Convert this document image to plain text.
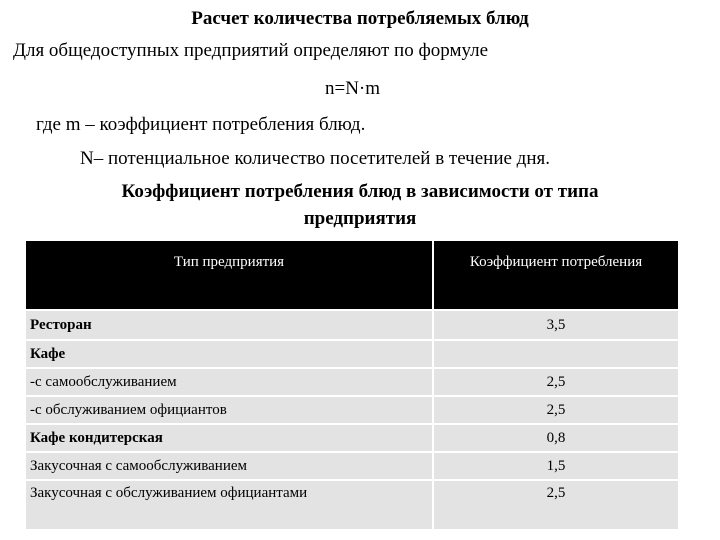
Расчет количества потребляемых блюд
Для общедоступных предприятий определяют по формуле
n=N·m
где m – коэффициент потребления блюд.
N– потенциальное количество посетителей в течение дня.
Коэффициент потребления блюд в зависимости от типа
предприятия
Тип предприятия	Коэффициент потребления
Ресторан	3,5
Кафе	
-с самообслуживанием	2,5
-с обслуживанием официантов	2,5
Кафе кондитерская	0,8
Закусочная с самообслуживанием	1,5
Закусочная с обслуживанием официантами	2,5
